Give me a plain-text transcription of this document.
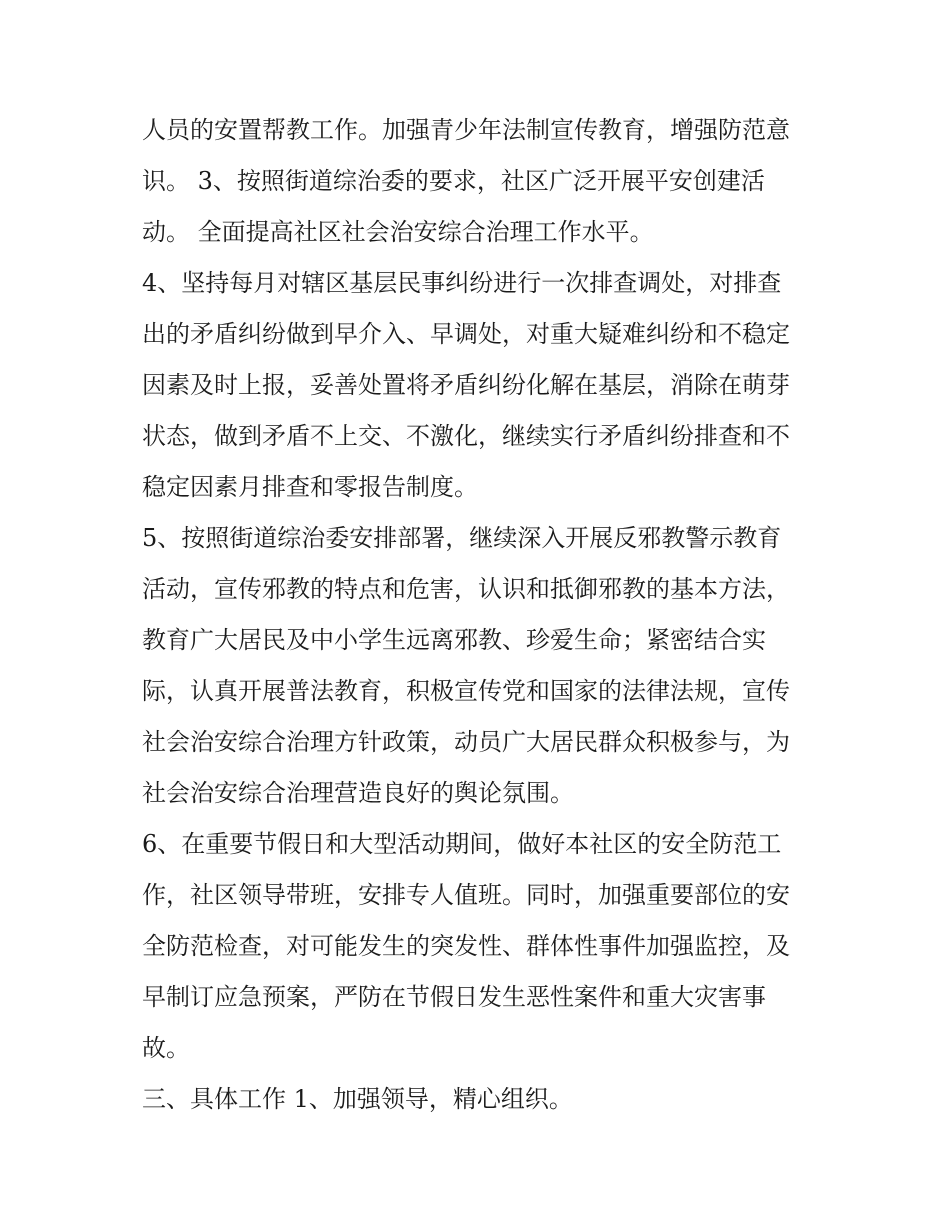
人员的安置帮教工作。加强青少年法制宣传教育，增强防范意
识。 3、按照街道综治委的要求，社区广泛开展平安创建活
动。 全面提高社区社会治安综合治理工作水平。
4、坚持每月对辖区基层民事纠纷进行一次排查调处，对排查
出的矛盾纠纷做到早介入、早调处，对重大疑难纠纷和不稳定
因素及时上报，妥善处置将矛盾纠纷化解在基层，消除在萌芽
状态，做到矛盾不上交、不激化，继续实行矛盾纠纷排查和不
稳定因素月排查和零报告制度。
5、按照街道综治委安排部署，继续深入开展反邪教警示教育
活动，宣传邪教的特点和危害，认识和抵御邪教的基本方法，
教育广大居民及中小学生远离邪教、珍爱生命；紧密结合实
际，认真开展普法教育，积极宣传党和国家的法律法规，宣传
社会治安综合治理方针政策，动员广大居民群众积极参与，为
社会治安综合治理营造良好的舆论氛围。
6、在重要节假日和大型活动期间，做好本社区的安全防范工
作，社区领导带班，安排专人值班。同时，加强重要部位的安
全防范检查，对可能发生的突发性、群体性事件加强监控，及
早制订应急预案，严防在节假日发生恶性案件和重大灾害事
故。
三、具体工作 1、加强领导，精心组织。
